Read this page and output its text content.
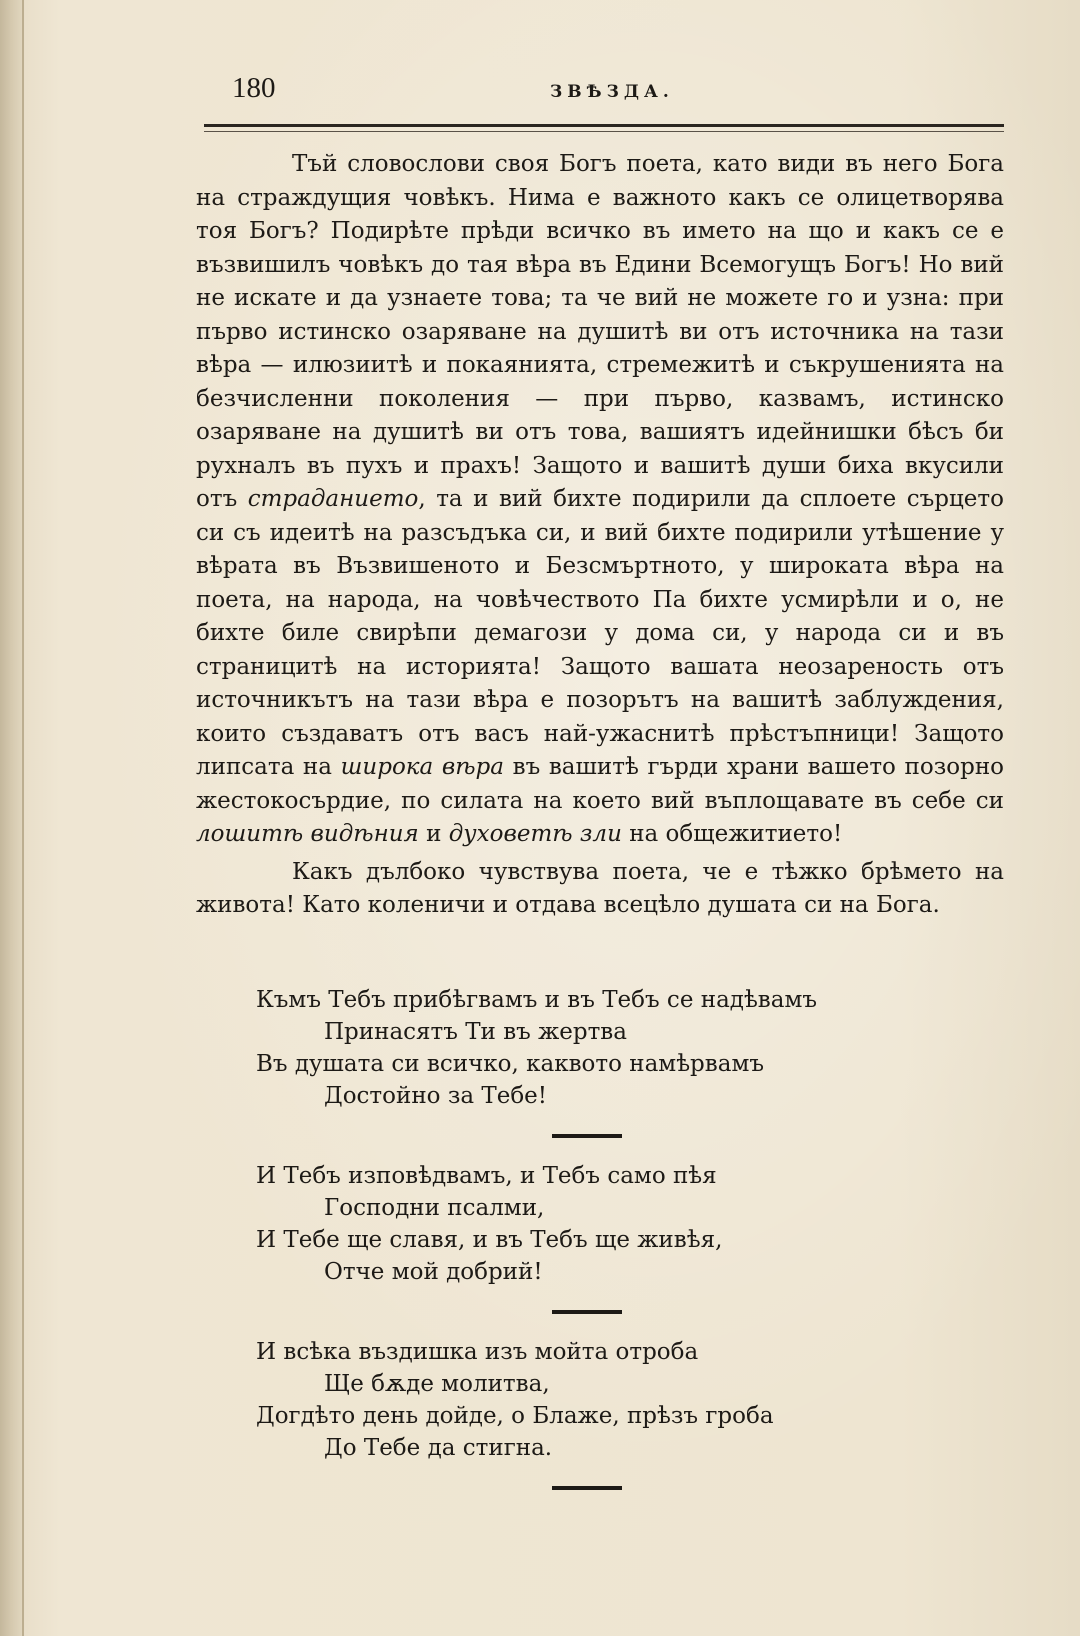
180	ЗВѢЗДА.

Тъй словослови своя Богъ поета, като види въ него Бога на страждущия човѣкъ. Нима е важното какъ се олицетворява тоя Богъ? Подирѣте прѣди всичко въ името на що и какъ се е възвишилъ човѣкъ до тая вѣра въ Едини Всемогущъ Богъ! Но вий не искате и да узнаете това; та че вий не можете го и узна: при първо истинско озаряване на душитѣ ви отъ источника на тази вѣра — илюзиитѣ и покаянията, стремежитѣ и съкрушенията на безчисленни поколения — при първо, казвамъ, истинско озаряване на душитѣ ви отъ това, вашиятъ идейнишки бѣсъ би рухналъ въ пухъ и прахъ! Защото и вашитѣ души биха вкусили отъ страданието, та и вий бихте подирили да сплоете сърцето си съ идеитѣ на разсъдъка си, и вий бихте подирили утѣшение у вѣрата въ Възвишеното и Безсмъртното, у широката вѣра на поета, на народа, на човѣчеството Па бихте усмирѣли и о, не бихте биле свирѣпи демагози у дома си, у народа си и въ страницитѣ на историята! Защото вашата неозареность отъ источникътъ на тази вѣра е позорътъ на вашитѣ заблуждения, които създаватъ отъ васъ най-ужаснитѣ прѣстъпници! Защото липсата на широка вѣра въ вашитѣ гърди храни вашето позорно жестокосърдие, по силата на което вий въплощавате въ себе си лошитѣ видѣния и духоветѣ зли на общежитието!

Какъ дълбоко чувствува поета, че е тѣжко брѣмето на живота! Като коленичи и отдава всецѣло душата си на Бога.

Къмъ Тебъ прибѣгвамъ и въ Тебъ се надѣвамъ
Принасятъ Ти въ жертва
Въ душата си всичко, каквото намѣрвамъ
Достойно за Тебе!
И Тебъ изповѣдвамъ, и Тебъ само пѣя
Господни псалми,
И Тебе ще славя, и въ Тебъ ще живѣя,
Отче мой добрий!
И всѣка въздишка изъ мойта отроба
Ще бѫде молитва,
Догдѣто день дойде, о Блаже, прѣзъ гроба
До Тебе да стигна.
